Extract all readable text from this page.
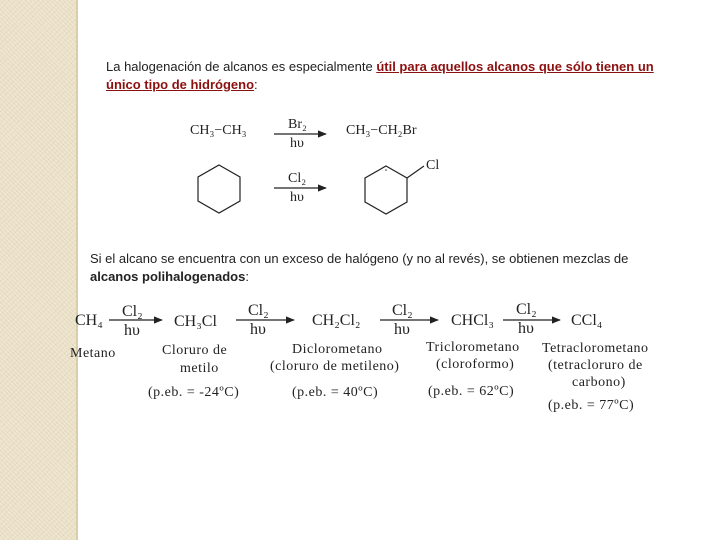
La halogenación de alcanos es especialmente útil para aquellos alcanos que sólo tienen un único tipo de hidrógeno:
CH₃−CH₃	Br₂
hυ
CH₃−CH₂Br
Cl₂
hυ
Cl
Si el alcano se encuentra con un exceso de halógeno (y no al revés), se obtienen mezclas de alcanos polihalogenados:
CH₄
Metano
Cl₂
hυ
CH₃Cl
Cloruro de
metilo
(p.eb. = -24ºC)
Cl₂
hυ
CH₂Cl₂
Diclorometano
(cloruro de metileno)
(p.eb. = 40ºC)
Cl₂
hυ
CHCl₃
Triclorometano
(cloroformo)
(p.eb. = 62ºC)
Cl₂
hυ CCl₄
Tetraclorometano
(tetracloruro de
carbono)
(p.eb. = 77ºC)
